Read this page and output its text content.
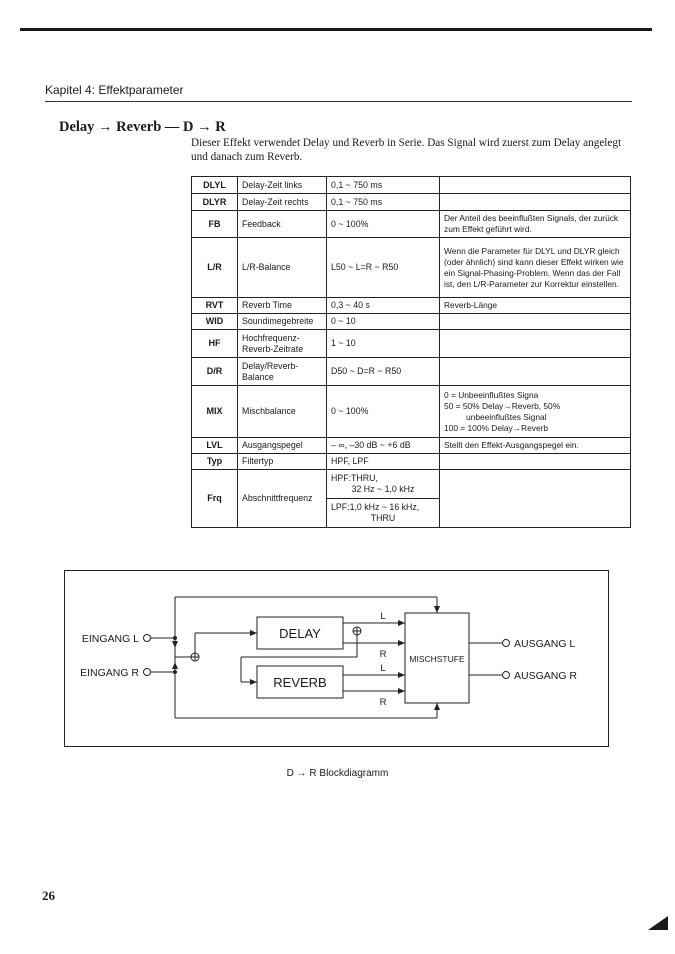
Kapitel 4: Effektparameter
Delay → Reverb — D → R
Dieser Effekt verwendet Delay und Reverb in Serie. Das Signal wird zuerst zum Delay angelegt und danach zum Reverb.
DLYL	Delay-Zeit links	0,1 ~ 750 ms	
DLYR	Delay-Zeit rechts	0,1 ~ 750 ms	
FB	Feedback	0 ~ 100%	Der Anteil des beeinflußten Signals, der zurück zum Effekt geführt wird.
L/R	L/R-Balance	L50 ~ L=R ~ R50	Wenn die Parameter für DLYL und DLYR gleich (oder ähnlich) sind kann dieser Effekt wirken wie ein Signal-Phasing-Problem. Wenn das der Fall ist, den L/R-Parameter zur Korrektur einstellen.
RVT	Reverb Time	0,3 ~ 40 s	Reverb-Länge
WID	Soundimegebreite	0 ~ 10	
HF	Hochfrequenz-Reverb-Zeitrate	1 ~ 10	
D/R	Delay/Reverb-Balance	D50 ~ D=R ~ R50	
MIX	Mischbalance	0 ~ 100%	0 = Unbeeinflußtes Signa
50 = 50% Delay→Reverb, 50%
unbeeinflußtes Signal
100 = 100% Delay→Reverb

LVL	Ausgangspegel	– ∞, –30 dB ~ +6 dB	Stellt den Effekt-Ausgangspegel ein.
Typ	Filtertyp	HPF, LPF	
Frq	Abschnittfrequenz	HPF:THRU,
32 Hz ~ 1,0 kHz
LPF:1,0 kHz ~ 16 kHz,
THRU	

EINGANG L
EINGANG R
DELAY
REVERB
MISCHSTUFE
AUSGANG L
AUSGANG R
L
R
L
R
D → R Blockdiagramm
26
